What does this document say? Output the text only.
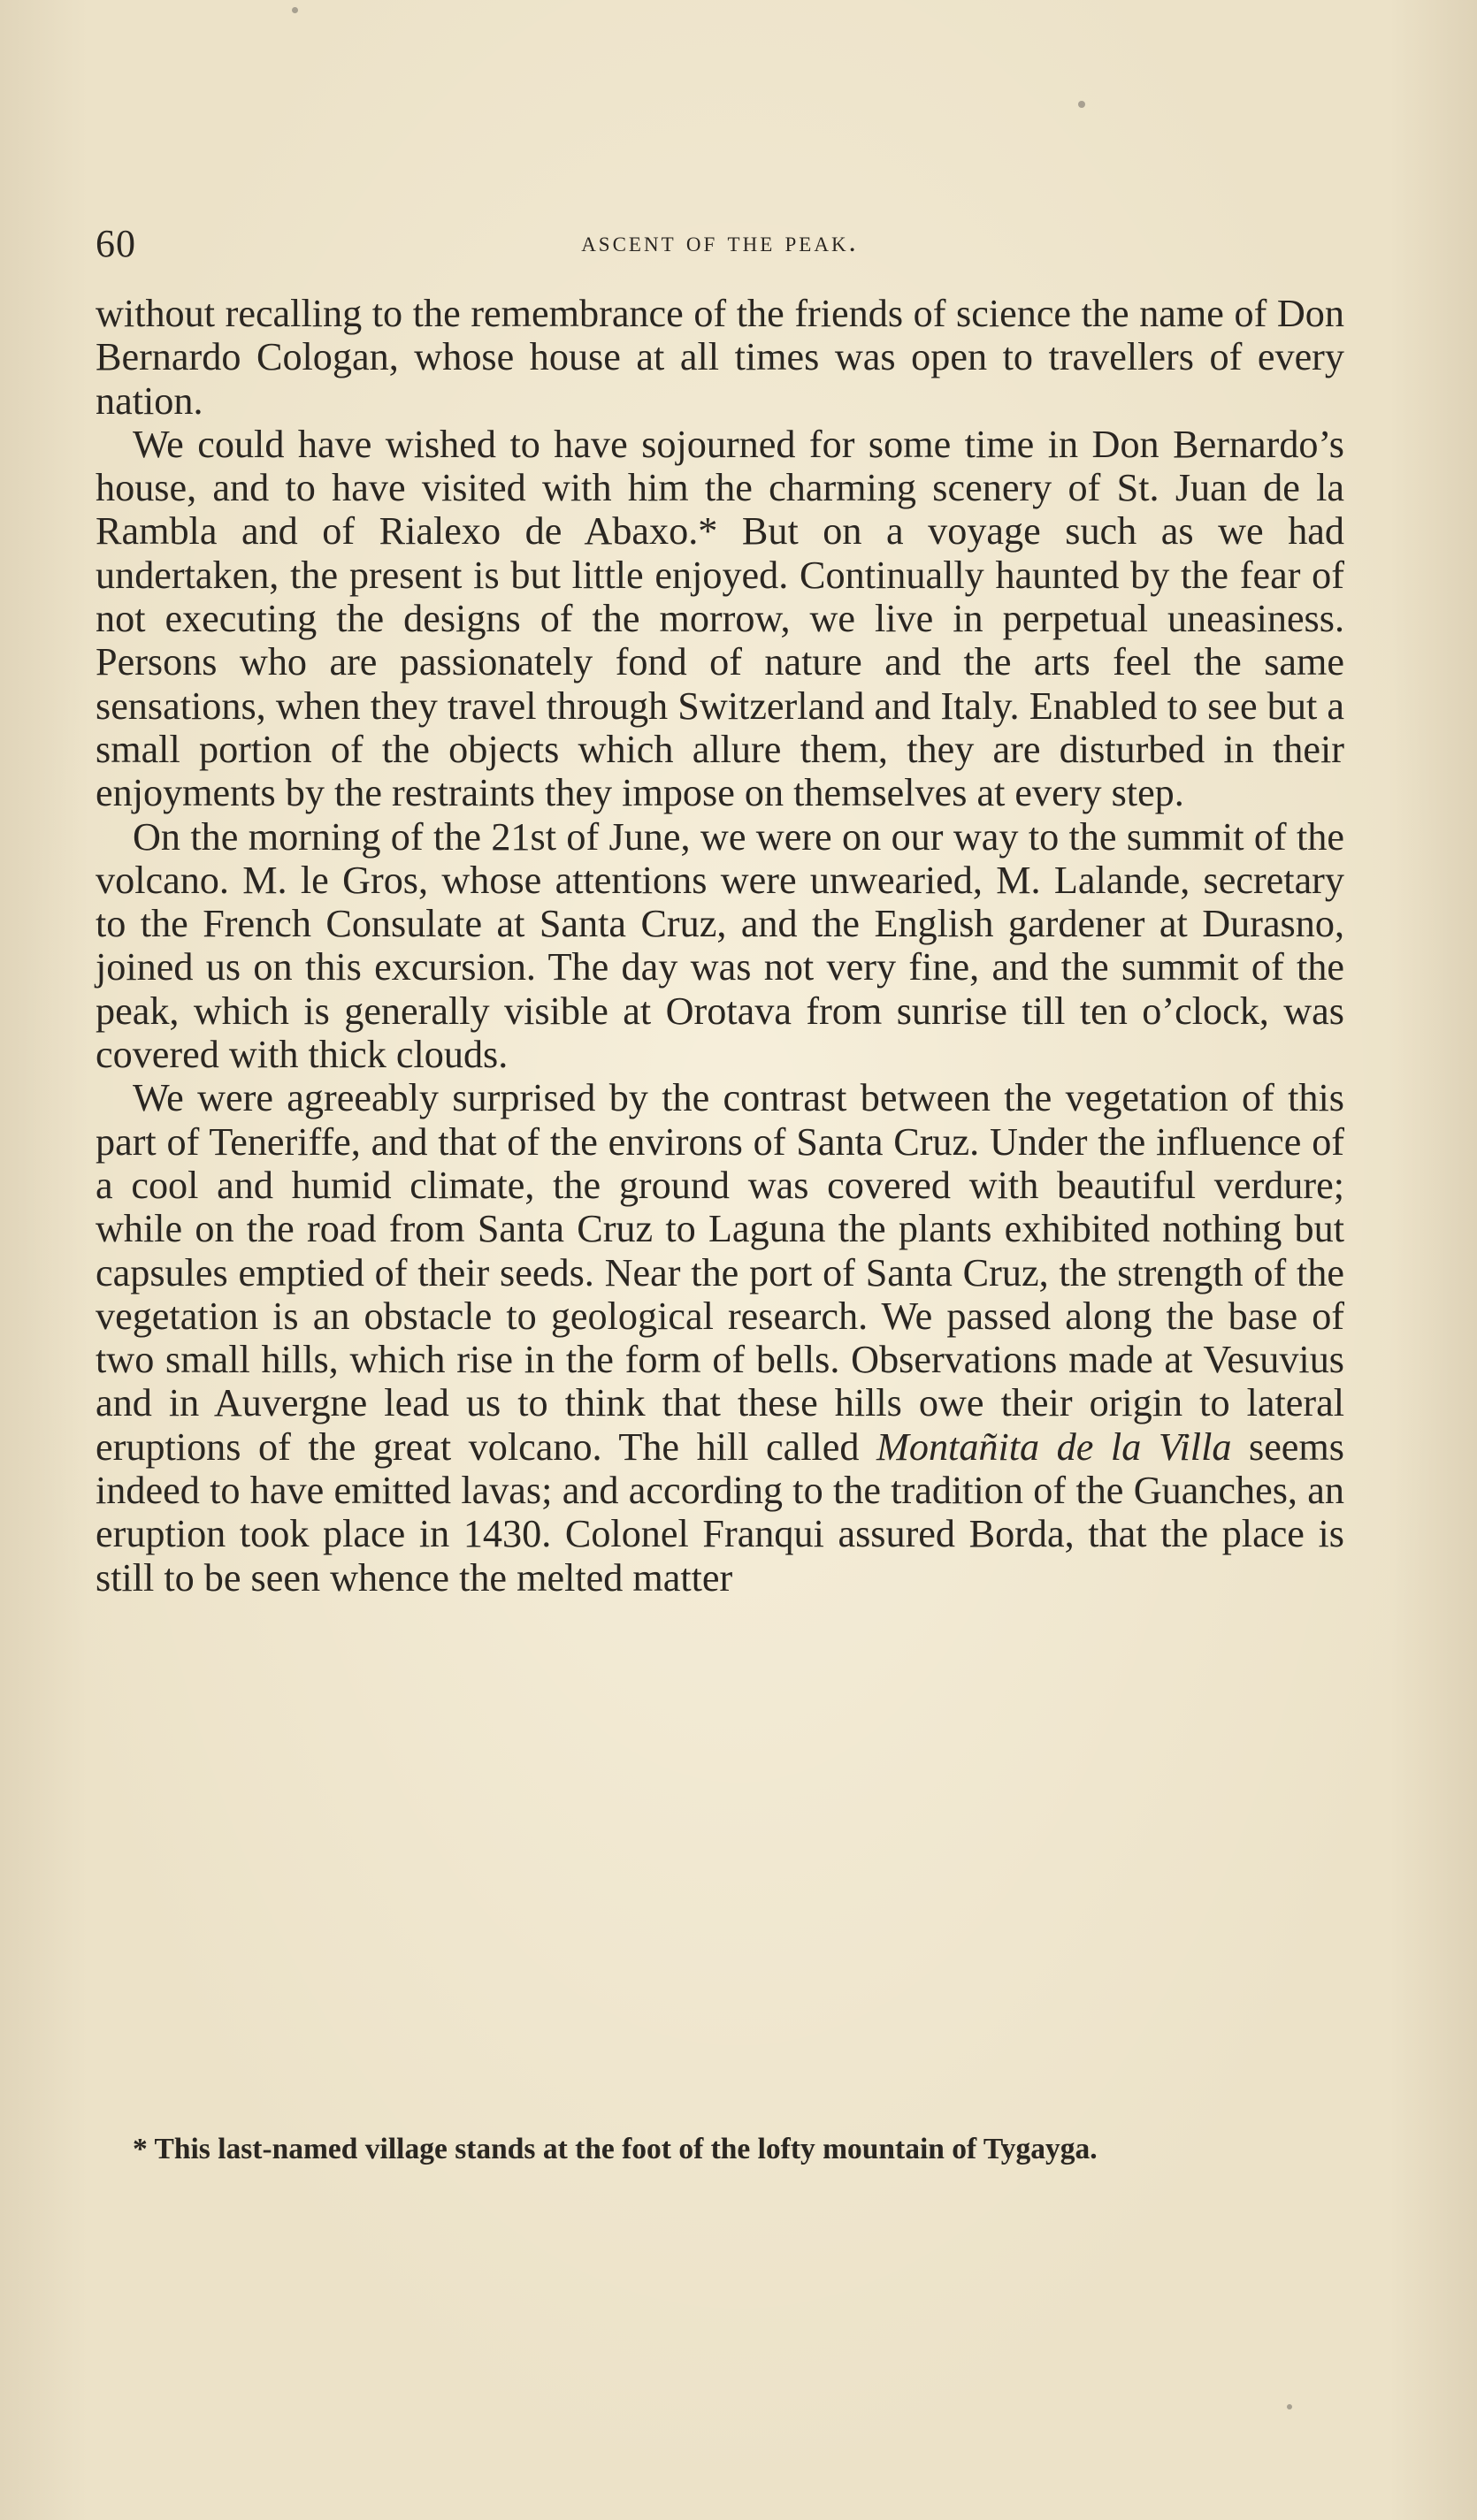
60	ascent of the peak.

without recalling to the remembrance of the friends of science the name of Don Bernardo Cologan, whose house at all times was open to travellers of every nation.

We could have wished to have sojourned for some time in Don Bernardo’s house, and to have visited with him the charming scenery of St. Juan de la Rambla and of Rialexo de Abaxo.* But on a voyage such as we had undertaken, the present is but little enjoyed. Continually haunted by the fear of not executing the designs of the morrow, we live in perpetual uneasiness. Persons who are passionately fond of nature and the arts feel the same sensations, when they travel through Switzerland and Italy. Enabled to see but a small portion of the objects which allure them, they are disturbed in their enjoyments by the restraints they impose on themselves at every step.

On the morning of the 21st of June, we were on our way to the summit of the volcano. M. le Gros, whose attentions were unwearied, M. Lalande, secretary to the French Consulate at Santa Cruz, and the English gardener at Durasno, joined us on this excursion. The day was not very fine, and the summit of the peak, which is generally visible at Orotava from sunrise till ten o’clock, was covered with thick clouds.

We were agreeably surprised by the contrast between the vegetation of this part of Teneriffe, and that of the environs of Santa Cruz. Under the influence of a cool and humid climate, the ground was covered with beautiful verdure; while on the road from Santa Cruz to Laguna the plants exhibited nothing but capsules emptied of their seeds. Near the port of Santa Cruz, the strength of the vegetation is an obstacle to geological research. We passed along the base of two small hills, which rise in the form of bells. Observations made at Vesuvius and in Auvergne lead us to think that these hills owe their origin to lateral eruptions of the great volcano. The hill called Montañita de la Villa seems indeed to have emitted lavas; and according to the tradition of the Guanches, an eruption took place in 1430. Colonel Franqui assured Borda, that the place is still to be seen whence the melted matter

* This last-named village stands at the foot of the lofty mountain of Tygayga.
